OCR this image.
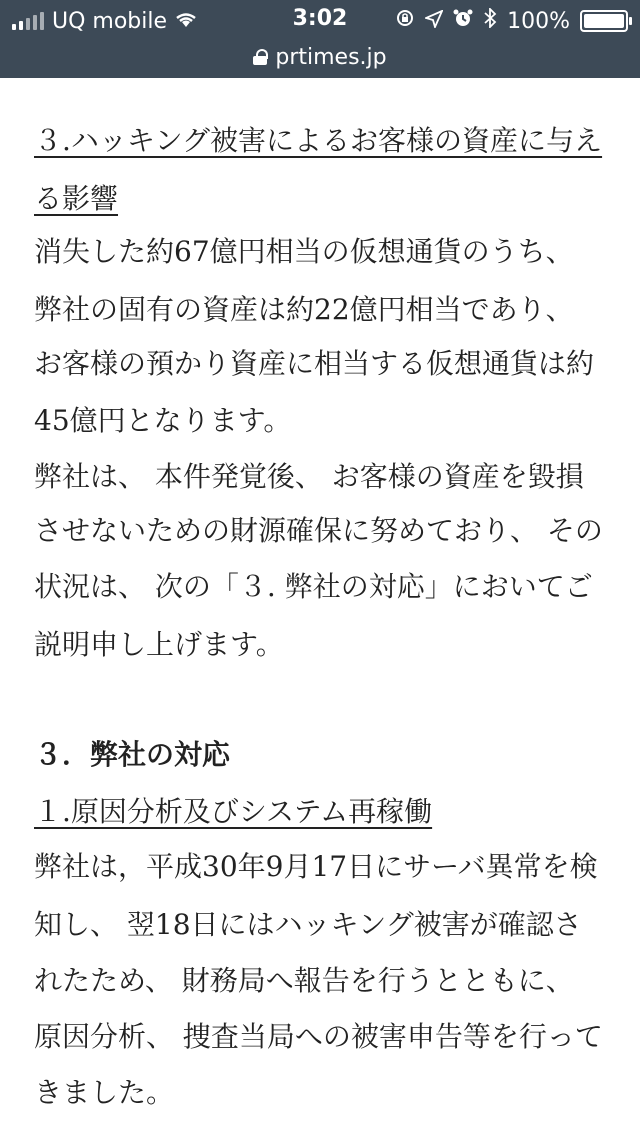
UQ mobile	3:02	100%
prtimes.jp
３.ハッキング被害によるお客様の資産に与え
る影響
消失した約67億円相当の仮想通貨のうち、
弊社の固有の資産は約22億円相当であり、
お客様の預かり資産に相当する仮想通貨は約
45億円となります。
弊社は、 本件発覚後、 お客様の資産を毀損
させないための財源確保に努めており、 その
状況は、 次の「３. 弊社の対応」においてご
説明申し上げます。
３．弊社の対応
１.原因分析及びシステム再稼働
弊社は，平成30年9月17日にサーバ異常を検
知し、 翌18日にはハッキング被害が確認さ
れたため、 財務局へ報告を行うとともに、
原因分析、 捜査当局への被害申告等を行って
きました。
